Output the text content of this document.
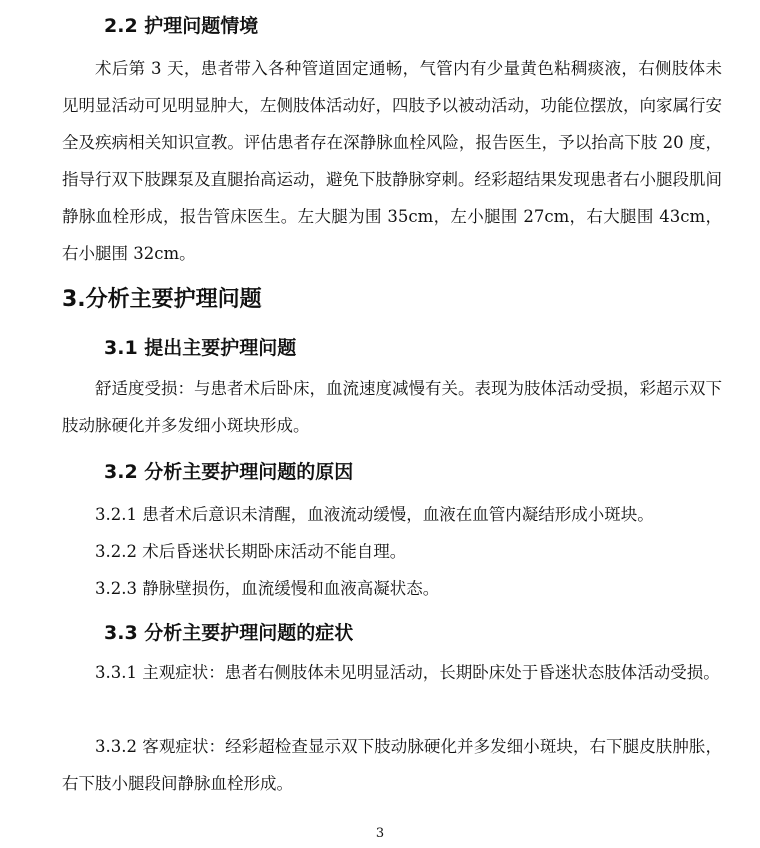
2.2 护理问题情境

术后第 3 天，患者带入各种管道固定通畅，气管内有少量黄色粘稠痰液，右侧肢体未见明显活动可见明显肿大，左侧肢体活动好，四肢予以被动活动，功能位摆放，向家属行安全及疾病相关知识宣教。评估患者存在深静脉血栓风险，报告医生，予以抬高下肢 20 度，指导行双下肢踝泵及直腿抬高运动，避免下肢静脉穿刺。经彩超结果发现患者右小腿段肌间静脉血栓形成，报告管床医生。左大腿为围 35cm，左小腿围 27cm，右大腿围 43cm，右小腿围 32cm。

3.分析主要护理问题
3.1 提出主要护理问题

舒适度受损：与患者术后卧床，血流速度减慢有关。表现为肢体活动受损，彩超示双下肢动脉硬化并多发细小斑块形成。

3.2 分析主要护理问题的原因
3.2.1 患者术后意识未清醒，血液流动缓慢，血液在血管内凝结形成小斑块。
3.2.2 术后昏迷状长期卧床活动不能自理。
3.2.3 静脉壁损伤，血流缓慢和血液高凝状态。
3.3 分析主要护理问题的症状

3.3.1 主观症状：患者右侧肢体未见明显活动，长期卧床处于昏迷状态肢体活动受损。

3.3.2 客观症状：经彩超检查显示双下肢动脉硬化并多发细小斑块，右下腿皮肤肿胀，右下肢小腿段间静脉血栓形成。

3
